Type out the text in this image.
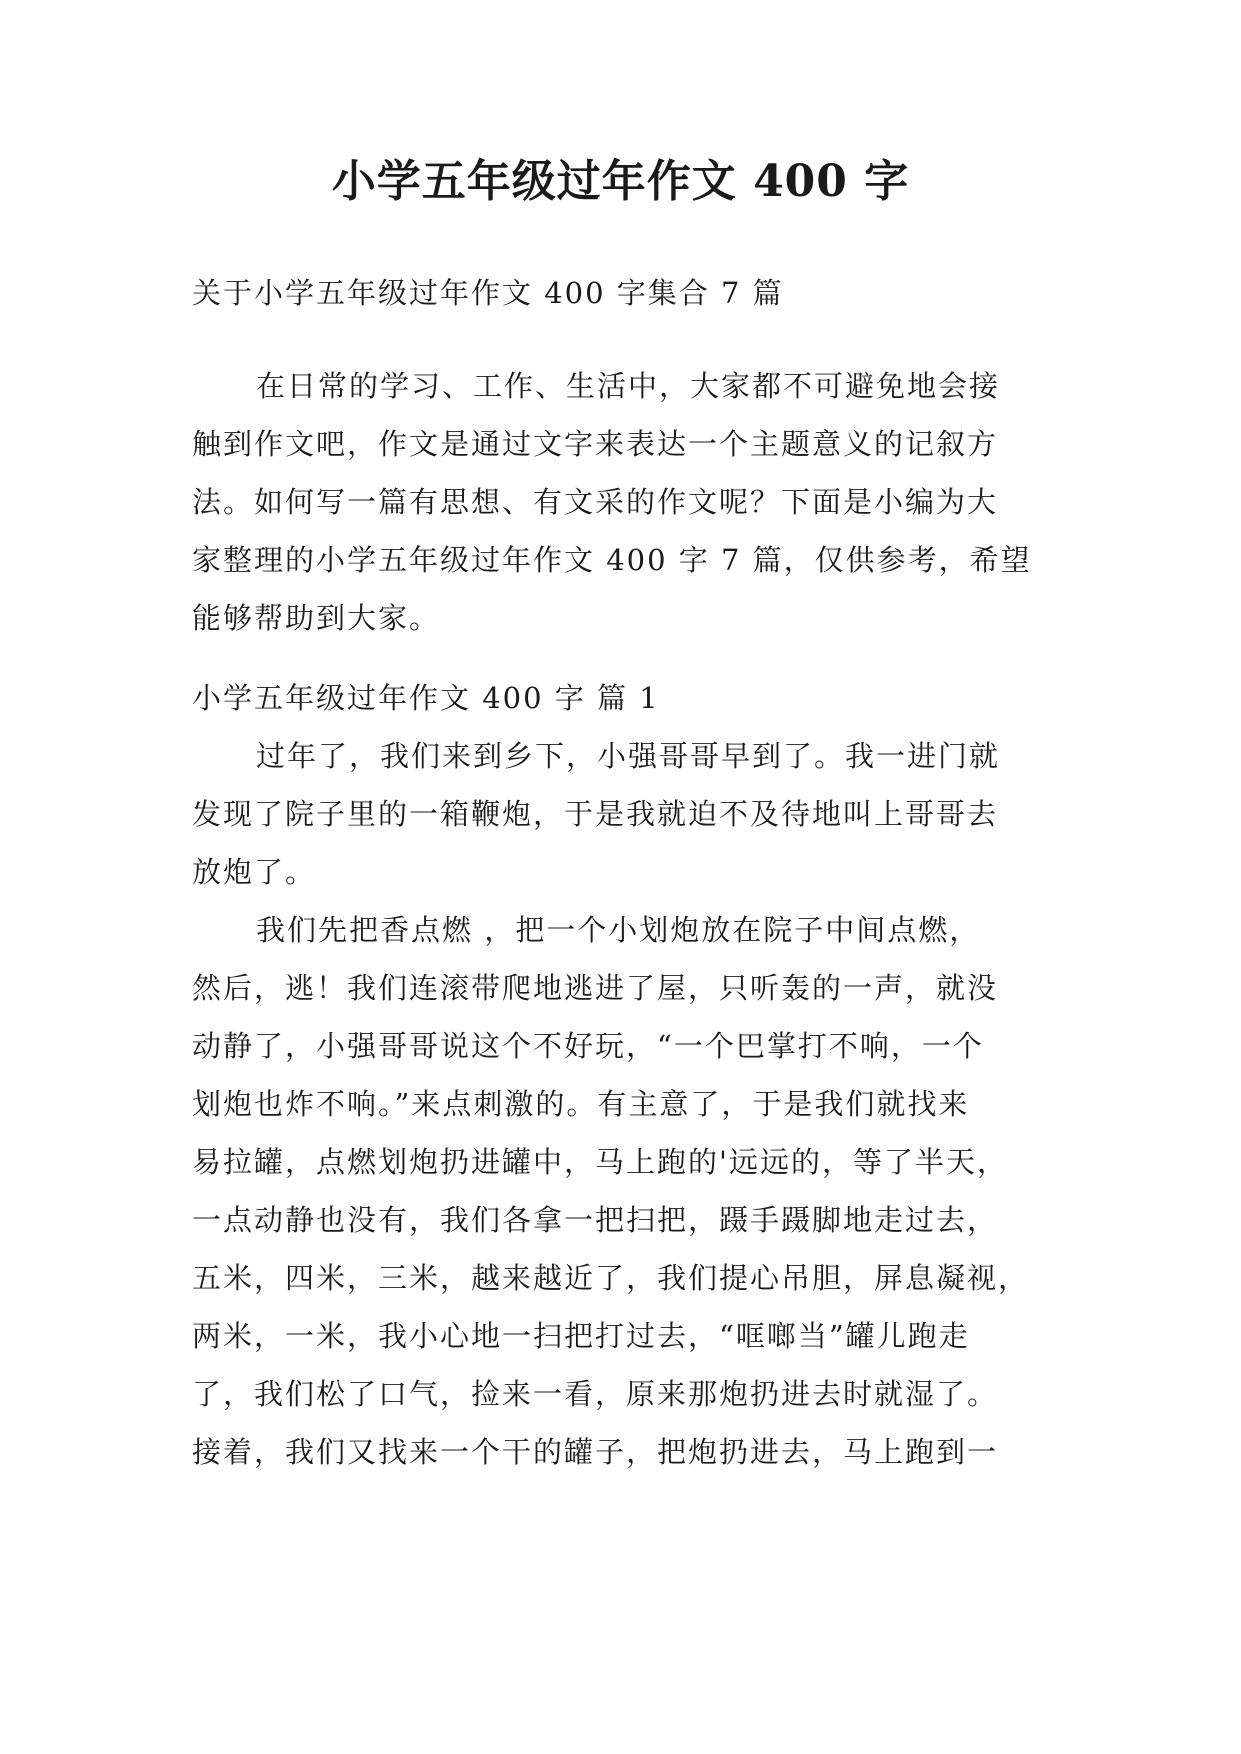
小学五年级过年作文 400 字
关于小学五年级过年作文 400 字集合 7 篇
在日常的学习、工作、生活中，大家都不可避免地会接
触到作文吧，作文是通过文字来表达一个主题意义的记叙方
法。如何写一篇有思想、有文采的作文呢？下面是小编为大
家整理的小学五年级过年作文 400 字 7 篇，仅供参考，希望
能够帮助到大家。
小学五年级过年作文 400 字 篇 1
过年了，我们来到乡下，小强哥哥早到了。我一进门就
发现了院子里的一箱鞭炮，于是我就迫不及待地叫上哥哥去
放炮了。
我们先把香点燃 ，把一个小划炮放在院子中间点燃，
然后，逃！我们连滚带爬地逃进了屋，只听轰的一声，就没
动静了，小强哥哥说这个不好玩，“一个巴掌打不响，一个
划炮也炸不响。”来点刺激的。有主意了，于是我们就找来
易拉罐，点燃划炮扔进罐中，马上跑的'远远的，等了半天，
一点动静也没有，我们各拿一把扫把，蹑手蹑脚地走过去，
五米，四米，三米，越来越近了，我们提心吊胆，屏息凝视，
两米，一米，我小心地一扫把打过去，“哐啷当”罐儿跑走
了，我们松了口气，捡来一看，原来那炮扔进去时就湿了。
接着，我们又找来一个干的罐子，把炮扔进去，马上跑到一
